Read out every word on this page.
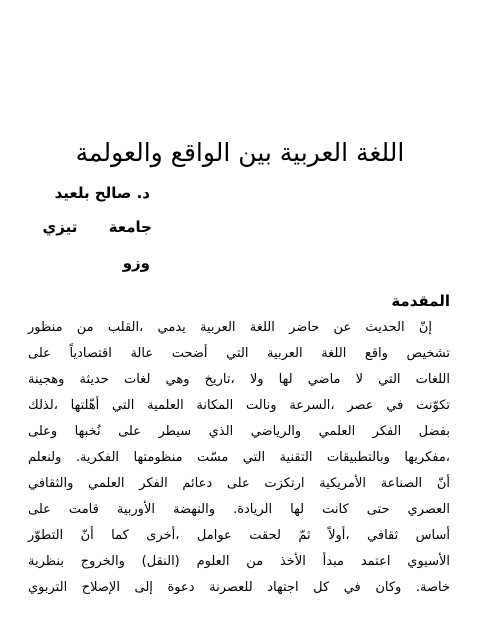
اللغة العربية بين الواقع والعولمة
د. صالح بلعيد
جامعة      تيزي
وزو
المقدمة
إنّ الحديث عن حاضر اللغة العربية يدمي ،القلب من منظور
تشخيص واقع اللغة العربية التي أضحت عالة اقتصادياً على
اللغات التي لا ماضي لها ولا ،تاريخ وهي لغات حديثة وهجينة
تكوّنت في عصر ،السرعة ونالت المكانة العلمية التي أهّلتها ،لذلك
بفضل الفكر العلمي والرياضي الذي سيطر على نُخبها وعلى
،مفكريها وبالتطبيقات التقنية التي مسّت منظومتها الفكرية. ولنعلم
أنّ الصناعة الأمريكية ارتكزت على دعائم الفكر العلمي والثقافي
العصري حتى كانت لها الريادة. والنهضة الأوربية قامت على
أساس ثقافي ،أولاً ثمّ لحقت عوامل ،أخرى كما أنّ التطوّر
الأسيوي اعتمد مبدأ الأخذ من العلوم (النقل) والخروج بنظرية
خاصة. وكان في كل اجتهاد للعصرنة دعوة إلى الإصلاح التربوي
